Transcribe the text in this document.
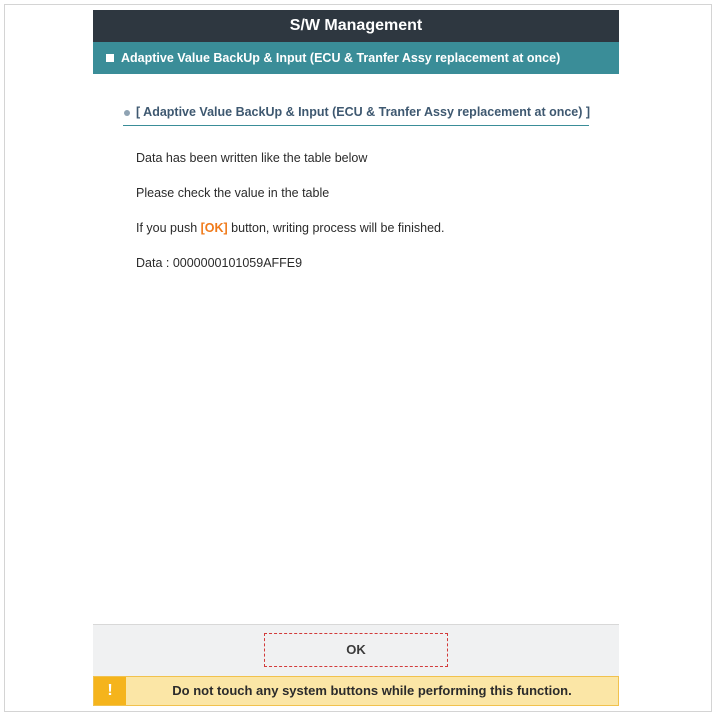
S/W Management
Adaptive Value BackUp & Input (ECU & Tranfer Assy replacement at once)
[ Adaptive Value BackUp & Input (ECU & Tranfer Assy replacement at once) ]
Data has been written like the table below
Please check the value in the table
If you push [OK] button, writing process will be finished.
Data : 0000000101059AFFE9
OK
!	Do not touch any system buttons while performing this function.
